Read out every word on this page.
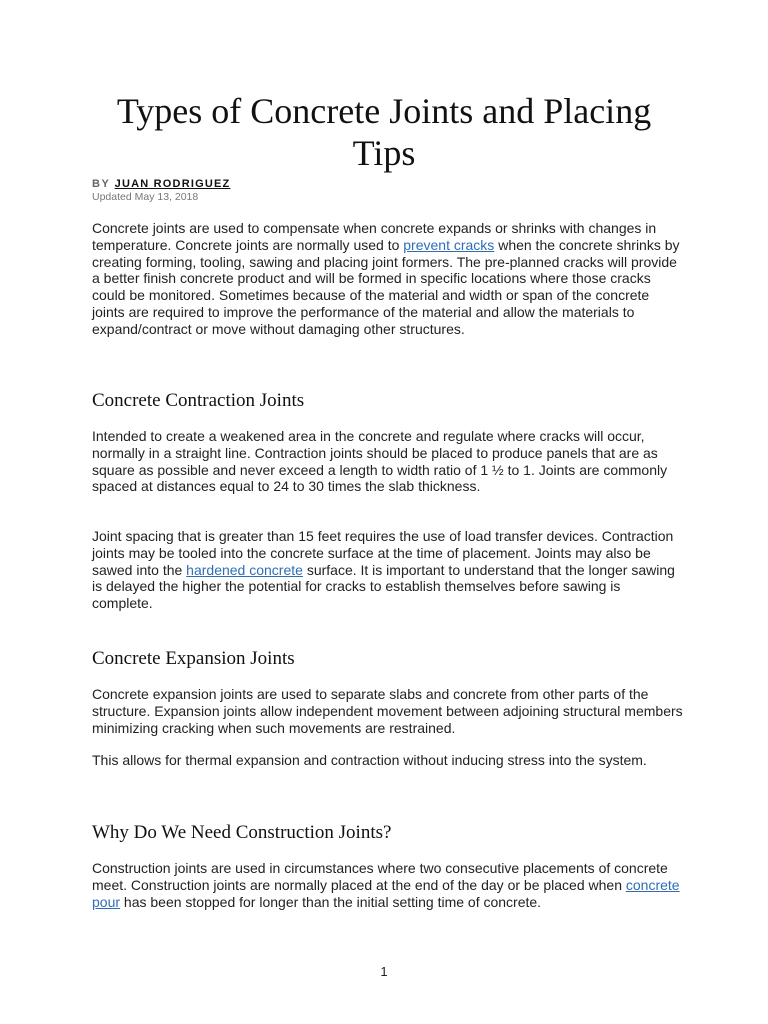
Types of Concrete Joints and Placing Tips
BY JUAN RODRIGUEZ
Updated May 13, 2018

Concrete joints are used to compensate when concrete expands or shrinks with changes in temperature. Concrete joints are normally used to prevent cracks when the concrete shrinks by creating forming, tooling, sawing and placing joint formers. The pre-planned cracks will provide a better finish concrete product and will be formed in specific locations where those cracks could be monitored. Sometimes because of the material and width or span of the concrete joints are required to improve the performance of the material and allow the materials to expand/contract or move without damaging other structures.

Concrete Contraction Joints

Intended to create a weakened area in the concrete and regulate where cracks will occur, normally in a straight line. Contraction joints should be placed to produce panels that are as square as possible and never exceed a length to width ratio of 1 ½ to 1. Joints are commonly spaced at distances equal to 24 to 30 times the slab thickness.

Joint spacing that is greater than 15 feet requires the use of load transfer devices. Contraction joints may be tooled into the concrete surface at the time of placement. Joints may also be sawed into the hardened concrete surface. It is important to understand that the longer sawing is delayed the higher the potential for cracks to establish themselves before sawing is complete.

Concrete Expansion Joints

Concrete expansion joints are used to separate slabs and concrete from other parts of the structure. Expansion joints allow independent movement between adjoining structural members minimizing cracking when such movements are restrained.

This allows for thermal expansion and contraction without inducing stress into the system.

Why Do We Need Construction Joints?

Construction joints are used in circumstances where two consecutive placements of concrete meet. Construction joints are normally placed at the end of the day or be placed when concrete pour has been stopped for longer than the initial setting time of concrete.

1
